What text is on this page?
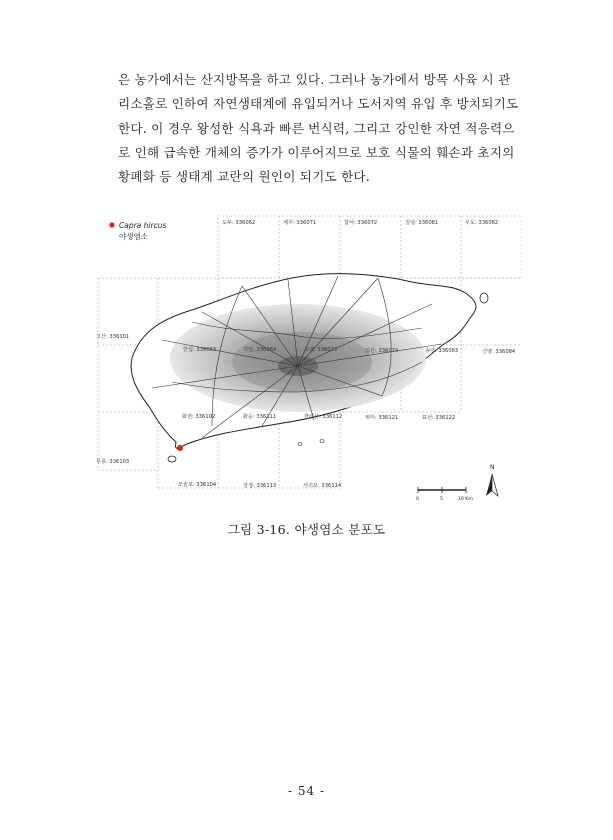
은 농가에서는 산지방목을 하고 있다. 그러나 농가에서 방목 사육 시 관
리소홀로 인하여 자연생태계에 유입되거나 도서지역 유입 후 방치되기도
한다. 이 경우 왕성한 식욕과 빠른 번식력, 그리고 강인한 자연 적응력으
로 인해 급속한 개체의 증가가 이루어지므로 보호 식물의 훼손과 초지의
황폐화 등 생태계 교란의 원인이 되기도 한다.
Capra hircus
야생염소
도두: 336062	제주: 336071	함덕: 336072	김녕: 336081	우도: 336082
고산: 336101
한림: 336063	귀일: 336064	오백: 336073	입산: 336074	송당: 336083	신양: 336084
화전: 336102	화순: 336111	한라산: 336112	위미: 336121	표선: 336122
무릉: 336103
모슬포: 336104	강정: 336113	서귀포: 336114
N
0	5	10 Km
그림 3-16. 야생염소 분포도
- 54 -
